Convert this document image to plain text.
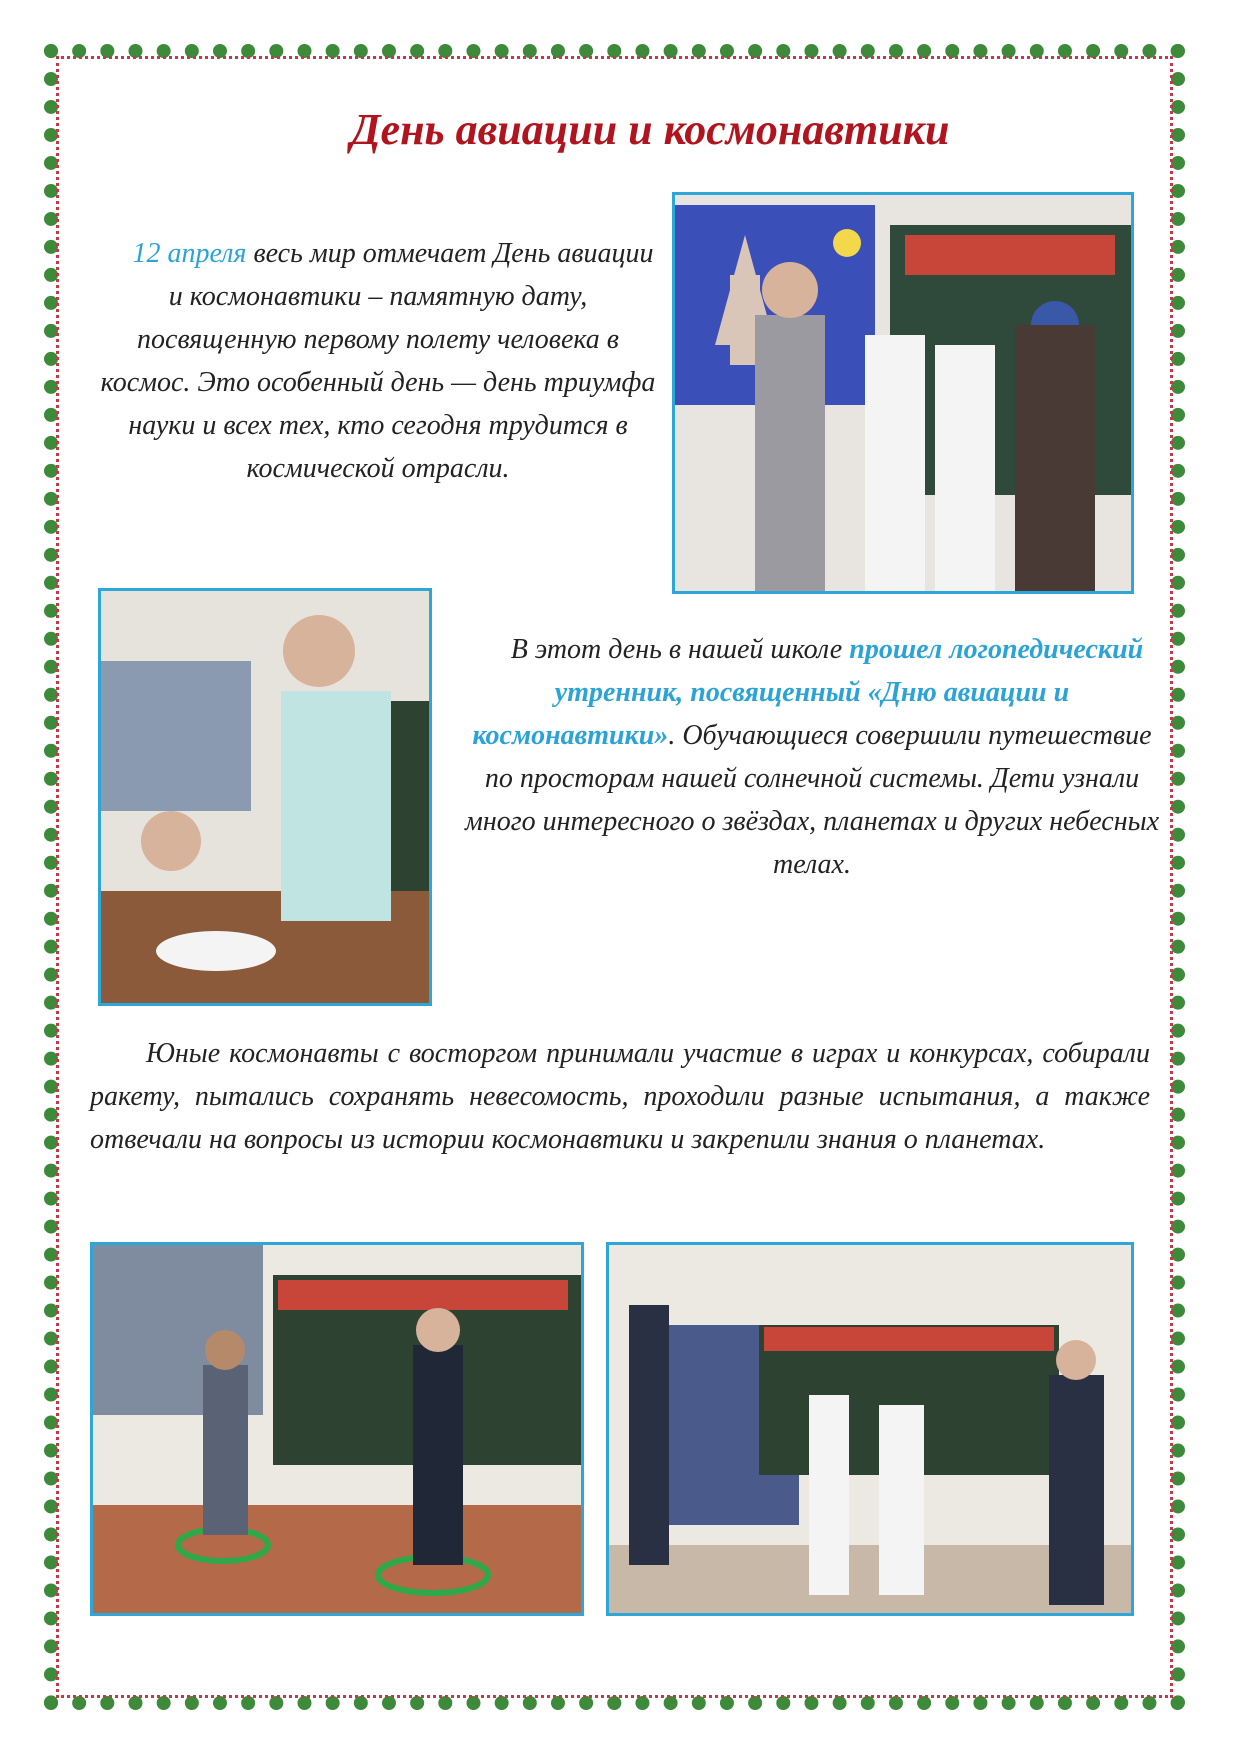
День авиации и космонавтики

12 апреля весь мир отмечает День авиации и космонавтики – памятную дату, посвященную первому полету человека в космос. Это особенный день — день триумфа науки и всех тех, кто сегодня трудится в космической отрасли.

В этот день в нашей школе прошел логопедический утренник, посвященный «Дню авиации и космонавтики». Обучающиеся совершили путешествие по просторам нашей солнечной системы. Дети узнали много интересного о звёздах, планетах и других небесных телах.

Юные космонавты с восторгом принимали участие в играх и конкурсах, собирали ракету, пытались сохранять невесомость, проходили разные испытания, а также отвечали на вопросы из истории космонавтики и закрепили знания о планетах.
